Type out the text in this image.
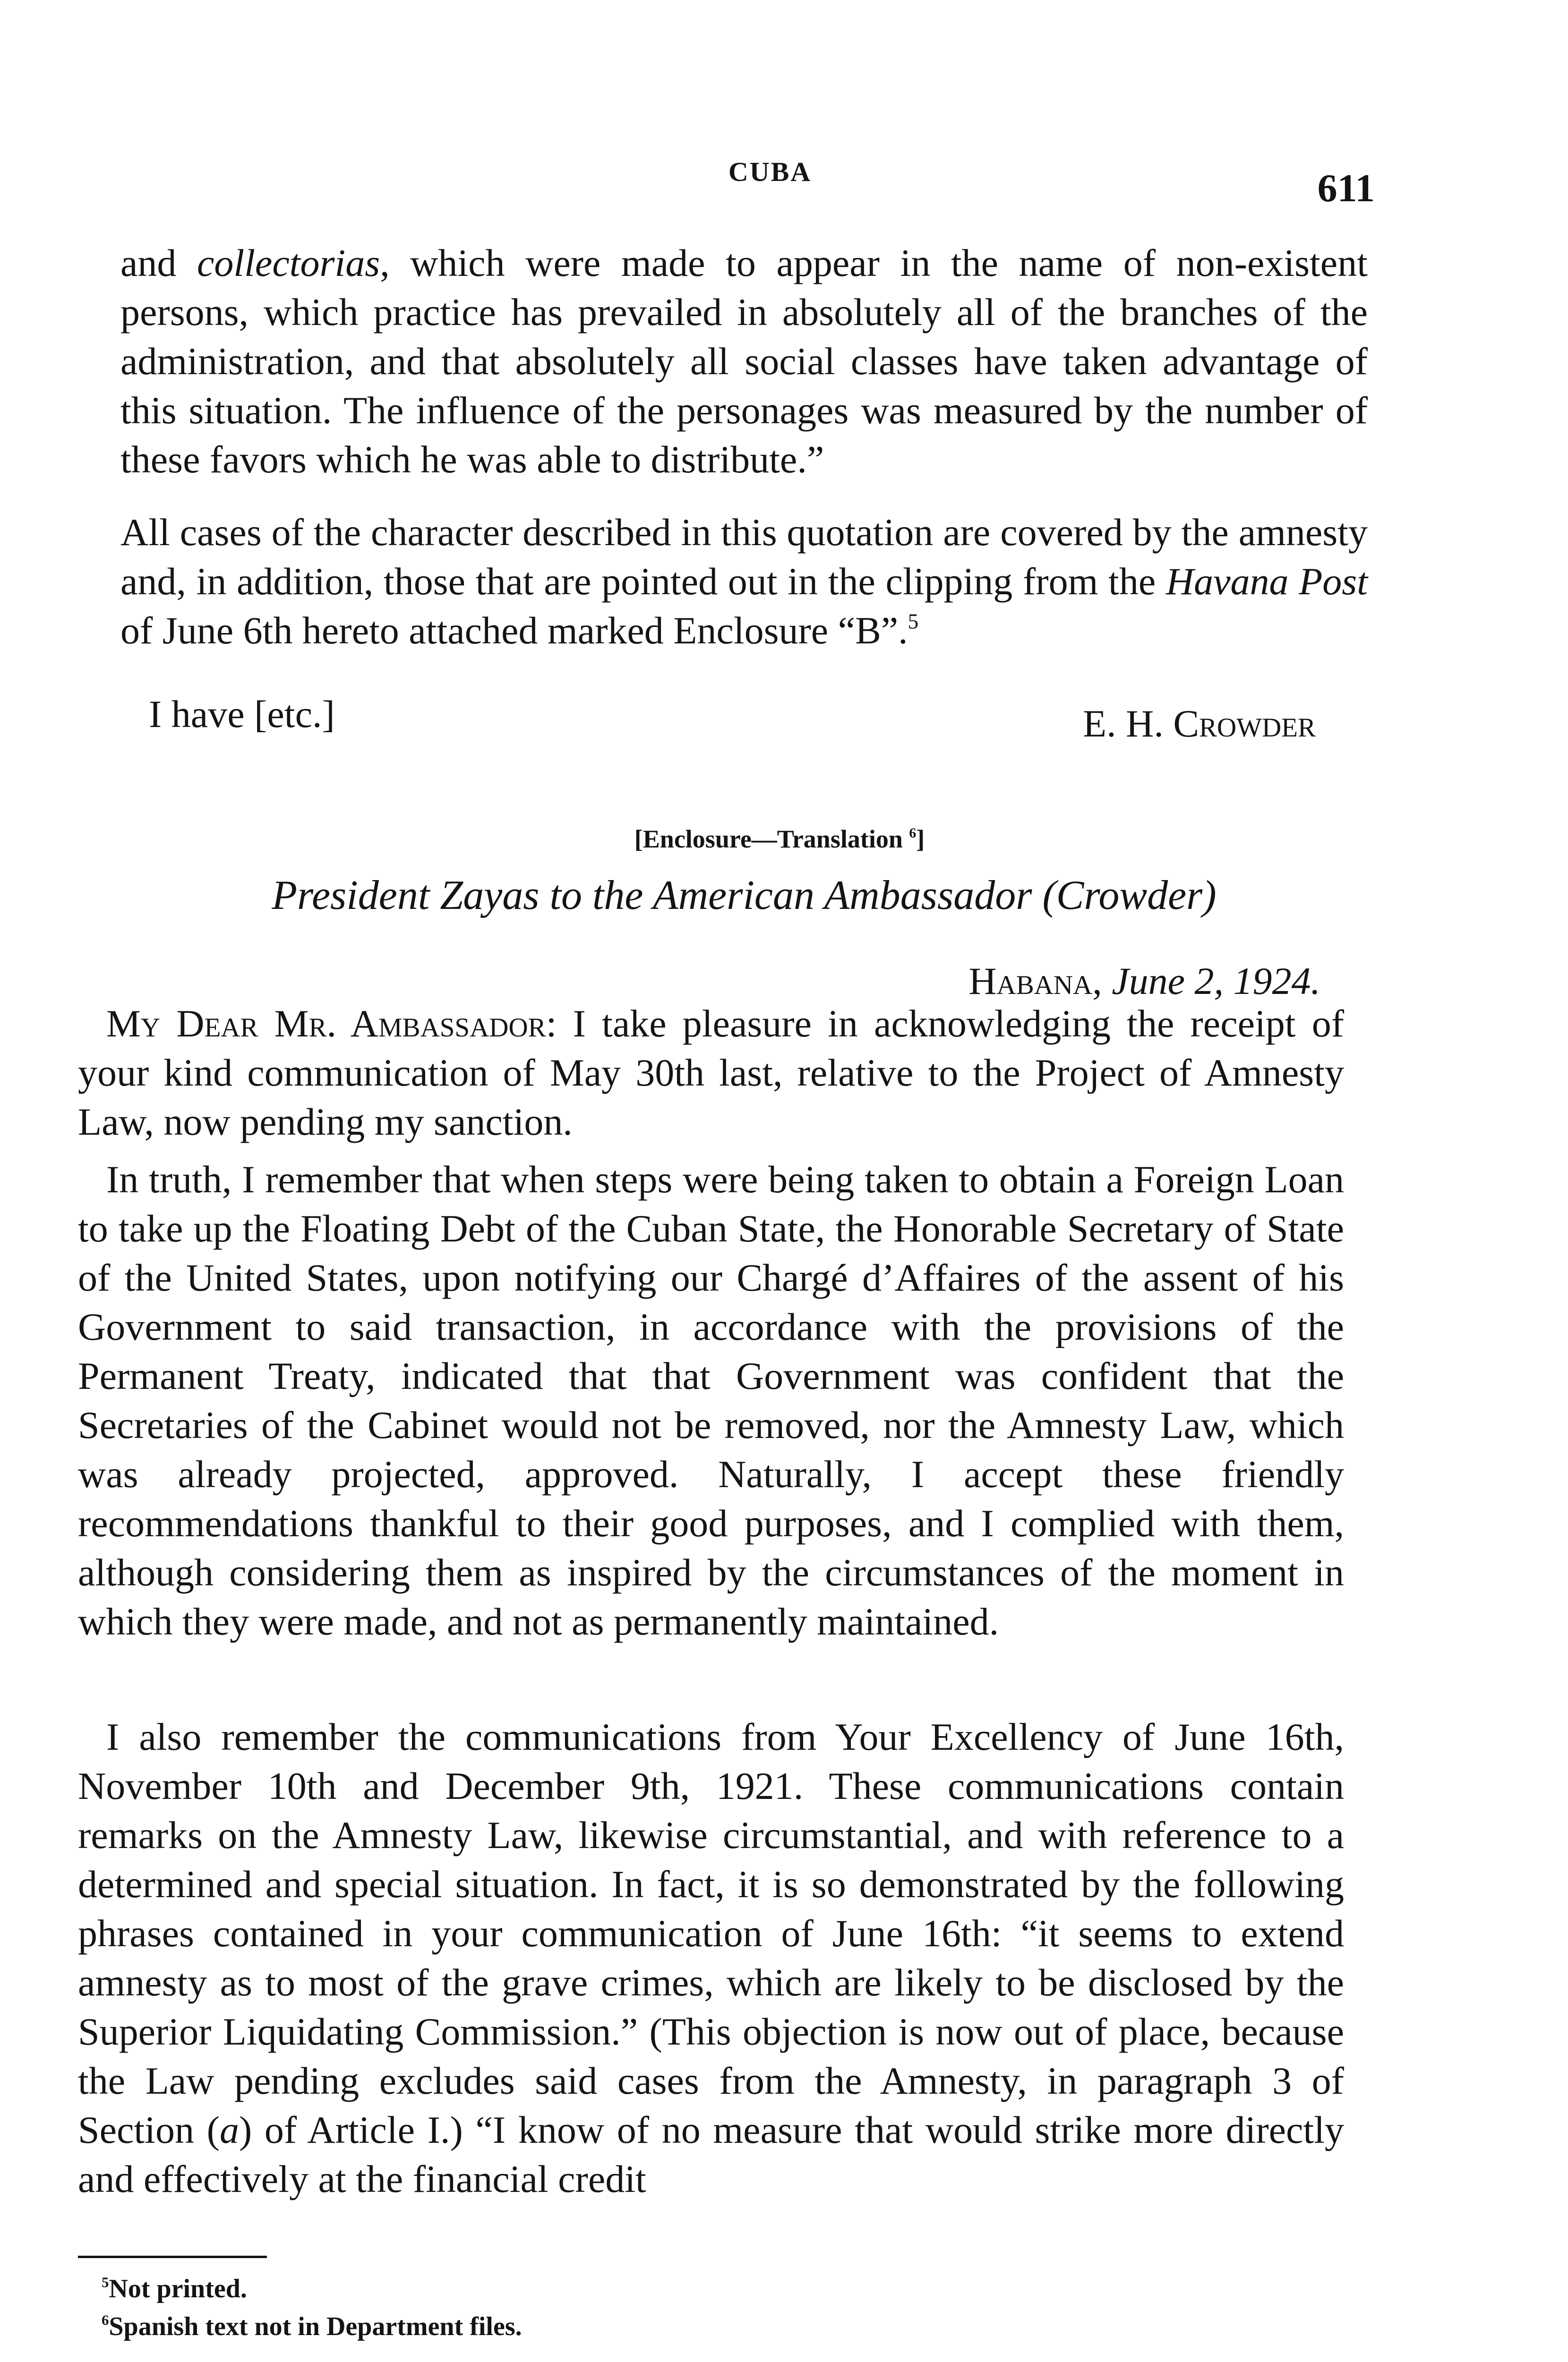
CUBA	611

and collectorias, which were made to appear in the name of non-existent persons, which practice has prevailed in absolutely all of the branches of the administration, and that absolutely all social classes have taken advantage of this situation. The influence of the personages was measured by the number of these favors which he was able to distribute.”

All cases of the character described in this quotation are covered by the amnesty and, in addition, those that are pointed out in the clipping from the Havana Post of June 6th hereto attached marked Enclosure “B”.$^5$

I have [etc.]	E. H. Crowder
[Enclosure—Translation $^6$]
President Zayas to the American Ambassador (Crowder)
Habana, June 2, 1924.

My Dear Mr. Ambassador: I take pleasure in acknowledging the receipt of your kind communication of May 30th last, relative to the Project of Amnesty Law, now pending my sanction.

In truth, I remember that when steps were being taken to obtain a Foreign Loan to take up the Floating Debt of the Cuban State, the Honorable Secretary of State of the United States, upon notifying our Chargé d’Affaires of the assent of his Government to said transaction, in accordance with the provisions of the Permanent Treaty, indicated that that Government was confident that the Secretaries of the Cabinet would not be removed, nor the Amnesty Law, which was already projected, approved. Naturally, I accept these friendly recommendations thankful to their good purposes, and I complied with them, although considering them as inspired by the circumstances of the moment in which they were made, and not as permanently maintained.

I also remember the communications from Your Excellency of June 16th, November 10th and December 9th, 1921. These communications contain remarks on the Amnesty Law, likewise circumstantial, and with reference to a determined and special situation. In fact, it is so demonstrated by the following phrases contained in your communication of June 16th: “it seems to extend amnesty as to most of the grave crimes, which are likely to be disclosed by the Superior Liquidating Commission.” (This objection is now out of place, because the Law pending excludes said cases from the Amnesty, in paragraph 3 of Section (a) of Article I.) “I know of no measure that would strike more directly and effectively at the financial credit

$^5$Not printed.
$^6$Spanish text not in Department files.
